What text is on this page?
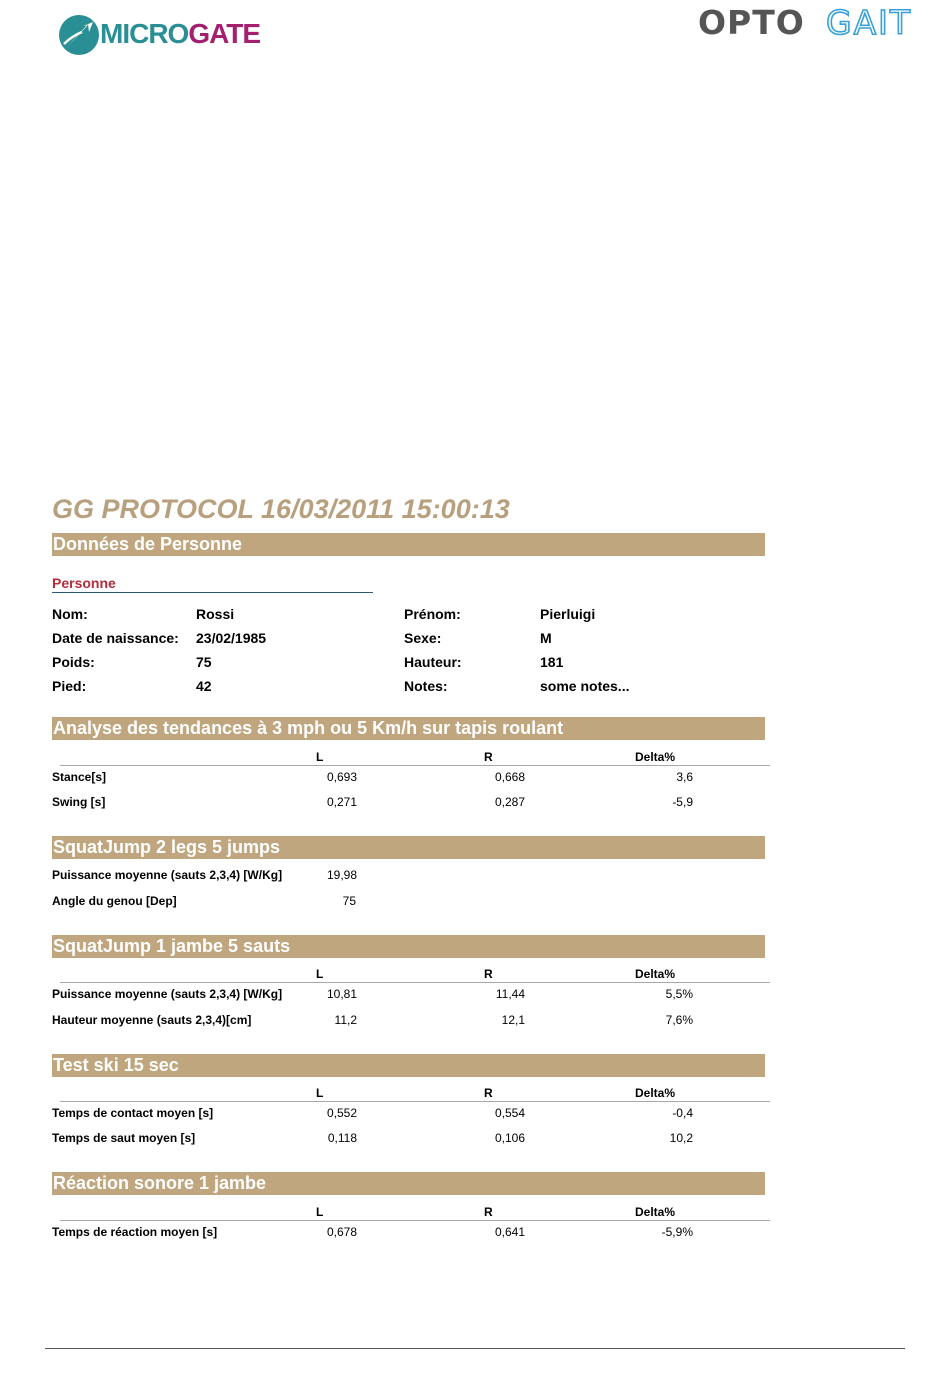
MICROGATE	OPTO GAIT
GG PROTOCOL 16/03/2011 15:00:13
Données de Personne
Personne
Nom:	Rossi
Date de naissance: 23/02/1985
Poids:	75
Pied:	42
Prénom:	Pierluigi
Sexe:	M
Hauteur:	181
Notes:	some notes...
Analyse des tendances à 3 mph ou 5 Km/h sur tapis roulant
L	R	Delta%
Stance[s]	0,693	0,668	3,6
Swing [s]	0,271	0,287	-5,9
SquatJump 2 legs 5 jumps
Puissance moyenne (sauts 2,3,4) [W/Kg]	19,98
Angle du genou [Dep]	75
SquatJump 1 jambe 5 sauts
L	R	Delta%
Puissance moyenne (sauts 2,3,4) [W/Kg]	10,81	11,44	5,5%
Hauteur moyenne (sauts 2,3,4)[cm]	11,2	12,1	7,6%
Test ski 15 sec
L	R	Delta%
Temps de contact moyen [s]	0,552	0,554	-0,4
Temps de saut moyen [s]	0,118	0,106	10,2
Réaction sonore 1 jambe
L	R	Delta%
Temps de réaction moyen [s]	0,678	0,641	-5,9%
